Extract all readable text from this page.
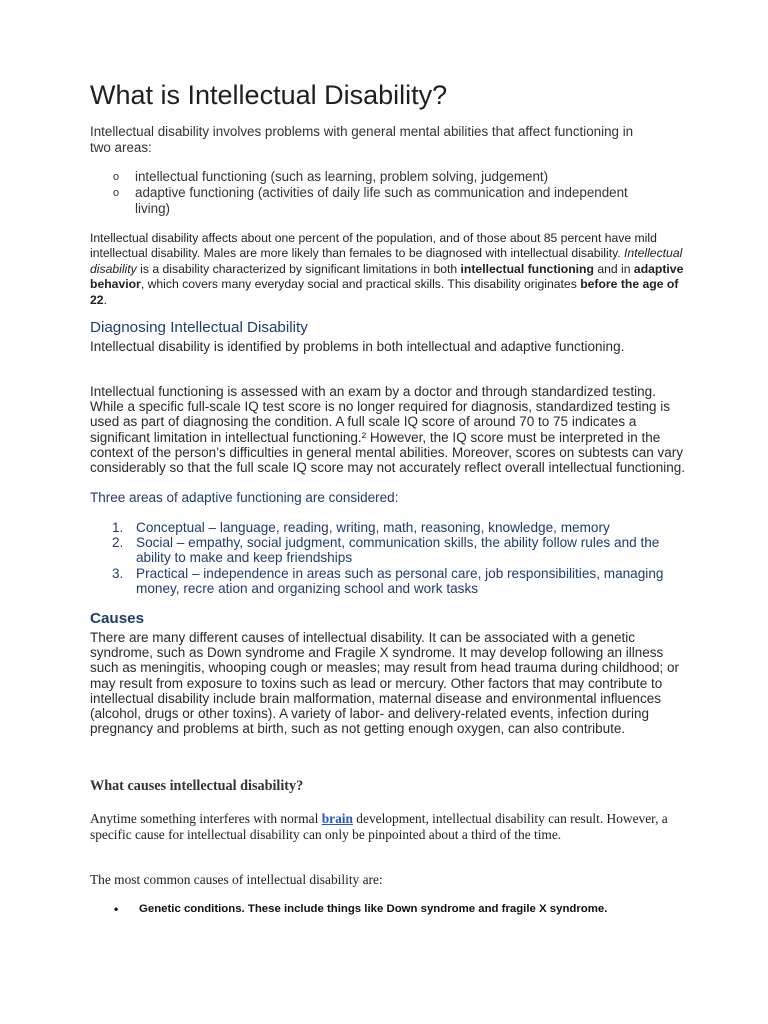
What is Intellectual Disability?

Intellectual disability involves problems with general mental abilities that affect functioning in two areas:

o intellectual functioning (such as learning, problem solving, judgement)
o adaptive functioning (activities of daily life such as communication and independent living)

Intellectual disability affects about one percent of the population, and of those about 85 percent have mild intellectual disability. Males are more likely than females to be diagnosed with intellectual disability. Intellectual disability is a disability characterized by significant limitations in both intellectual functioning and in adaptive behavior, which covers many everyday social and practical skills. This disability originates before the age of 22.

Diagnosing Intellectual Disability

Intellectual disability is identified by problems in both intellectual and adaptive functioning.

Intellectual functioning is assessed with an exam by a doctor and through standardized testing. While a specific full-scale IQ test score is no longer required for diagnosis, standardized testing is used as part of diagnosing the condition. A full scale IQ score of around 70 to 75 indicates a significant limitation in intellectual functioning.² However, the IQ score must be interpreted in the context of the person’s difficulties in general mental abilities. Moreover, scores on subtests can vary considerably so that the full scale IQ score may not accurately reflect overall intellectual functioning.

Three areas of adaptive functioning are considered:

1. Conceptual – language, reading, writing, math, reasoning, knowledge, memory
2. Social – empathy, social judgment, communication skills, the ability follow rules and the ability to make and keep friendships
3. Practical – independence in areas such as personal care, job responsibilities, managing money, recre ation and organizing school and work tasks
Causes

There are many different causes of intellectual disability. It can be associated with a genetic syndrome, such as Down syndrome and Fragile X syndrome. It may develop following an illness such as meningitis, whooping cough or measles; may result from head trauma during childhood; or may result from exposure to toxins such as lead or mercury. Other factors that may contribute to intellectual disability include brain malformation, maternal disease and environmental influences (alcohol, drugs or other toxins). A variety of labor- and delivery-related events, infection during pregnancy and problems at birth, such as not getting enough oxygen, can also contribute.

What causes intellectual disability?

Anytime something interferes with normal brain development, intellectual disability can result. However, a specific cause for intellectual disability can only be pinpointed about a third of the time.

The most common causes of intellectual disability are:

• Genetic conditions. These include things like Down syndrome and fragile X syndrome.
